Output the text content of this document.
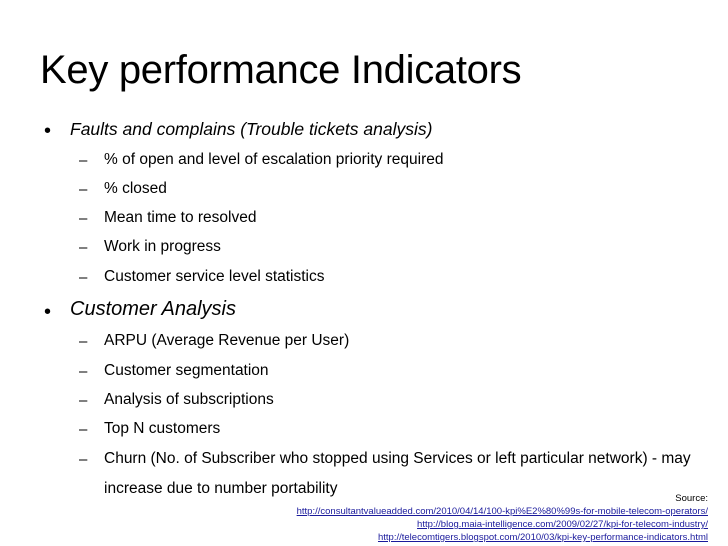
Key performance Indicators
• Faults and complains (Trouble tickets analysis)
– % of open and level of escalation priority required
– % closed
– Mean time to resolved
– Work in progress
– Customer service level statistics
• Customer Analysis
– ARPU (Average Revenue per User)
– Customer segmentation
– Analysis of subscriptions
– Top N customers
– Churn (No. of Subscriber who stopped using Services or left particular network) - may
increase due to number portability
Source:
http://consultantvalueadded.com/2010/04/14/100-kpi%E2%80%99s-for-mobile-telecom-operators/
http://blog.maia-intelligence.com/2009/02/27/kpi-for-telecom-industry/
http://telecomtigers.blogspot.com/2010/03/kpi-key-performance-indicators.html
